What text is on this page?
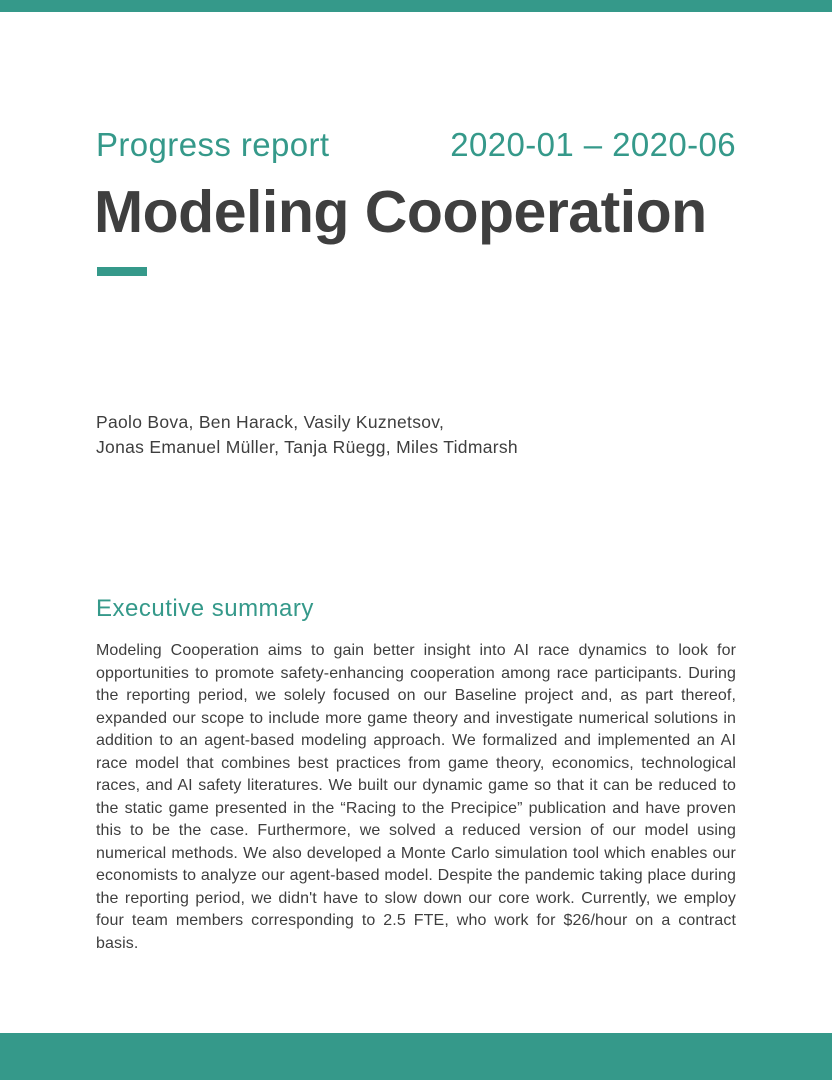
Progress report	2020-01 – 2020-06
Modeling Cooperation
Paolo Bova, Ben Harack, Vasily Kuznetsov,
Jonas Emanuel Müller, Tanja Rüegg, Miles Tidmarsh
Executive summary

Modeling Cooperation aims to gain better insight into AI race dynamics to look for opportunities to promote safety-enhancing cooperation among race participants. During the reporting period, we solely focused on our Baseline project and, as part thereof, expanded our scope to include more game theory and investigate numerical solutions in addition to an agent-based modeling approach. We formalized and implemented an AI race model that combines best practices from game theory, economics, technological races, and AI safety literatures. We built our dynamic game so that it can be reduced to the static game presented in the “Racing to the Precipice” publication and have proven this to be the case. Furthermore, we solved a reduced version of our model using numerical methods. We also developed a Monte Carlo simulation tool which enables our economists to analyze our agent-based model. Despite the pandemic taking place during the reporting period, we didn't have to slow down our core work. Currently, we employ four team members corresponding to 2.5 FTE, who work for $26/hour on a contract basis.
